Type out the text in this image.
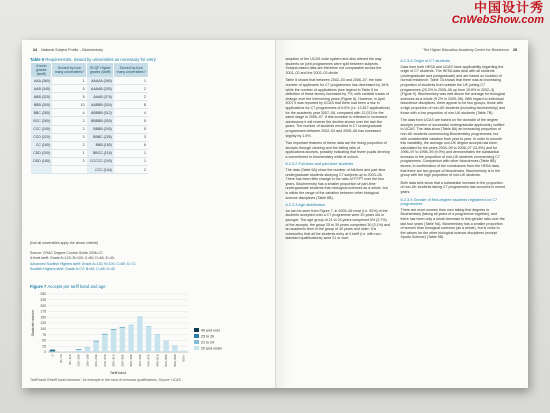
中国设计秀
CnWebShow.com
24 National Subject Profile – Biochemistry
Table 6 Requirements, issued by universities as necessary for entry
A level grades (tariff)	Scored by how many universities?	SCQF Higher grades (tariff)	Scored by how many universities?
AAA (360)	1	AAAAA (360)	1
AAB (340)	5	AAAAB (330)	2
ABB (320)	5	AAAB (376)	2
BBB (300)	10	AABBB (324)	8
BBC (280)	4	ABBBB (312)	4
BCC (260)	2	BBBBB (300)	5
CCC (240)	2	BBBB (240)	5
CCD (220)	3	BBBC (228)	3
CC (160)	2	BBB (180)	6
CDD (200)	1	BBCC (216)	1
DDD (180)	2	CCCCC (240)	1
		CCC (144)	2
(Not all universities apply the above criteria)
Source: CRAC Degree Course Guide 2006–07.
A level tariff: Grade A=120; B=100; C=80; D=60; E=40.
Advanced Scottish Highers tariff: Grade A=130; B=100; C=80; D=72.
Scottish Highers tariff: Grade A=72; B=60; C=48; D=42.
Figure 7 Accepts per tariff band and age
0
25
50
75
100
125
150
175
200
225
250
0 40–79 80–119 120–159 160–199 200–239 240–279 280–319 320–359 360–399 400–439 440–479 480–519 520–559 560–599 600+
Students number
Tariff band
40 and over
25 to 39
21 to 24
20 and under
Tariff band 0/‘tariff band unknown’, for example in the case of overseas qualifications. Source: UCAS.
The Higher Education Academy Centre for Bioscience 25

adoption of the UCAS code system and also altered the way students on joint programmes were split between subjects. Subject-based data are therefore not comparable across the 2001–02 and the 2002–03 divide.

Table 5 shows that between 2002–03 and 2006–07, the total number of applicants for C7 programmes has decreased by 16%, while the number of applications (see legend to Table 5 for definition of these terms) increased by 7%, with variable tracks of change over the intervening years (Figure 8). However, in April 2007 it was reported by UCAS that there had been a rise in applications for C7 programmes of 6.6% (i.e. 12,817 applications) for the academic year 2007–08, compared with 12,023 for the same stage in 2006–07. If this increase is reflected in increased admissions it will reverse the decline shown over the last five years. The number of students enrolled in C7 undergraduate programmes between 2002–03 and 2005–06 has increased slightly by 1.5%.

Two important features of these data are the rising proportion of accepts through clearing and the falling ratio of applications:accepts, possibly indicating that fewer pupils develop a commitment to biochemistry while at school.

6.2.3.2 Full-time and part-time students

The data (Table 6A) show the number of full-time and part-time undergraduate students studying C7 subjects up to 2003–06. There has been little change in the ratio of FT:PT over the four years. Biochemistry has a smaller proportion of part-time undergraduate students than biological sciences as a whole, but is within the range of the variation between other biological science disciplines (Table 6B).

6.2.3.3 Age distribution

As can be seen from Figure 7, in 2005–06 most (i.e. 92%) of the students accepted onto a C7 programme were 20 years old or younger. The age group of 21 to 24 years comprised 5% (3.7%) of the accepts, the group 25 to 39 years comprised 30 (3.1%) and an academic term in the group of 40 years and older. It is noteworthy that all the students entry at 0 tariff (i.e. with non-standard qualifications) were 21 or over.

6.2.3.4 Origin of C7 students

Data from both HESA and UCAS have applicability regarding the origin of C7 students. The HESA data deal with all students (undergraduate and postgraduate) and are based on location of normal residence. Table 7A shows that there was an increasing proportion of students from outside the UK joining C7 programmes (20.2% in 2005–06 up from 15.8% in 2002–3) (Figure 9). Biochemistry was well above the average for biological sciences as a whole (9.2% in 2005–06). With regard to individual bioscience disciplines, there appear to be two groups, those with a high proportion of non-UK students (including biochemistry) and those with a low proportion of non-UK students (Table 7B).

The data from UCAS are based on the domicile of the degree accepts (number of successful undergraduate applicants) notified to UCAS. The data show (Table 8A) an increasing proportion of non-UK students commencing Biochemistry programmes, but with considerable variation from year to year. In order to smooth this variability, the average non-UK degree accepts has been calculated for the years 2004–05 to 2006–07 (11.8%) and for 1996–97 to 1998–99 (9.9%) and demonstrates the substantial increase in the proportion of non-UK students commencing C7 programmes. Comparison with other biosciences (Table 8B) shows, in confirmation of the conclusions from the HESA data, that there are two groups of biosciences. Biochemistry is in the group with the high proportion of non-UK students.

Both data sets show that a substantial increase in the proportion of non-UK students taking C7 programmes has occurred in recent years.

6.2.3.5 Gender of first-degree students registered on C7 programmes

There are more women than men taking first degrees in Biochemistry (taking all years of a programme together), and there has been only a small decrease in this gender ratio over the last four years (Table 9A). Biochemistry has a smaller proportion of women than biological sciences (as a whole), but is close to the values for the other biological science disciplines (except Sports Science) (Table 9B).
